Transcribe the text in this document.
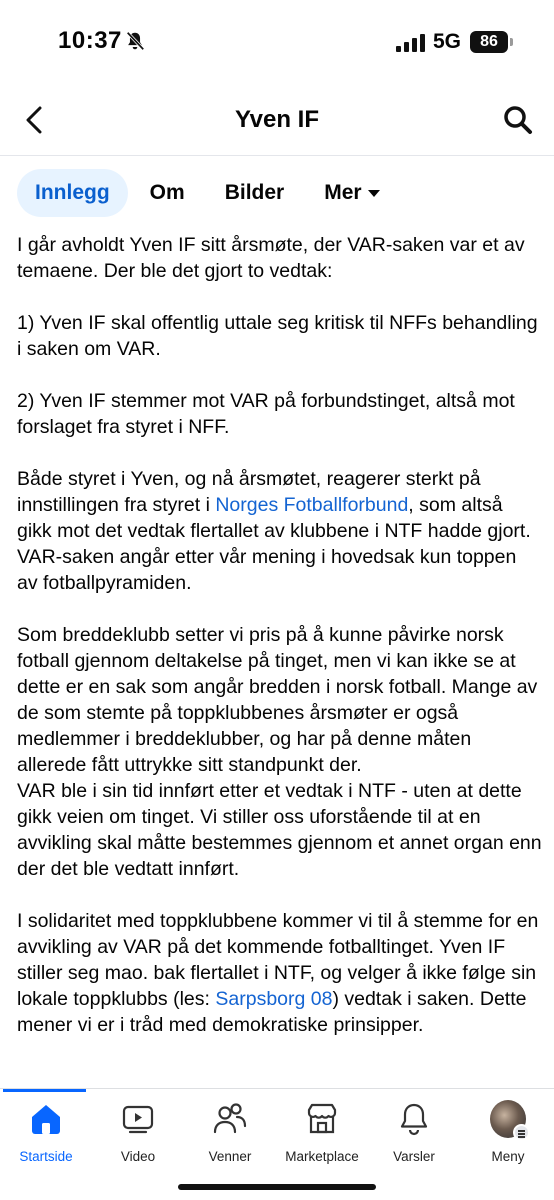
10:37	5G	86
Yven IF
Innlegg Om Bilder Mer

I går avholdt Yven IF sitt årsmøte, der VAR-saken var et av temaene. Der ble det gjort to vedtak:

1) Yven IF skal offentlig uttale seg kritisk til NFFs behandling i saken om VAR.

2) Yven IF stemmer mot VAR på forbundstinget, altså mot forslaget fra styret i NFF.

Både styret i Yven, og nå årsmøtet, reagerer sterkt på innstillingen fra styret i Norges Fotballforbund, som altså gikk mot det vedtak flertallet av klubbene i NTF hadde gjort. VAR-saken angår etter vår mening i hovedsak kun toppen av fotballpyramiden.

Som breddeklubb setter vi pris på å kunne påvirke norsk fotball gjennom deltakelse på tinget, men vi kan ikke se at dette er en sak som angår bredden i norsk fotball. Mange av de som stemte på toppklubbenes årsmøter er også medlemmer i breddeklubber, og har på denne måten allerede fått uttrykke sitt standpunkt der.

VAR ble i sin tid innført etter et vedtak i NTF - uten at dette gikk veien om tinget. Vi stiller oss uforstående til at en avvikling skal måtte bestemmes gjennom et annet organ enn der det ble vedtatt innført.

I solidaritet med toppklubbene kommer vi til å stemme for en avvikling av VAR på det kommende fotballtinget. Yven IF stiller seg mao. bak flertallet i NTF, og velger å ikke følge sin lokale toppklubbs (les: Sarpsborg 08) vedtak i saken. Dette mener vi er i tråd med demokratiske prinsipper.

Startside	Video	Venner	Marketplace	Varsler	Meny
